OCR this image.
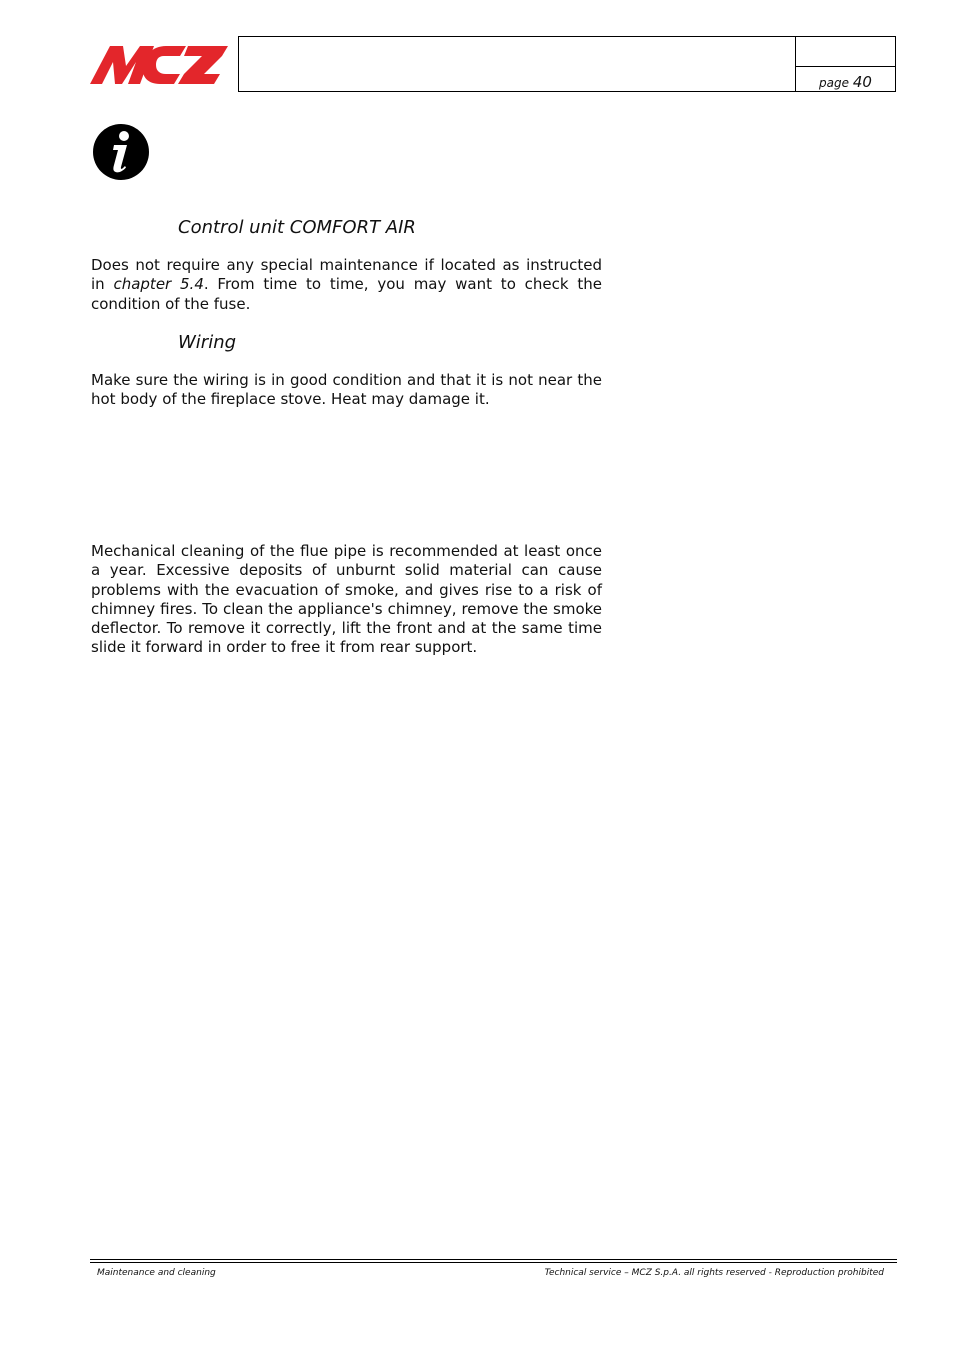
MCZ
page 40
Control unit COMFORT AIR

Does not require any special maintenance if located as instructed in chapter 5.4. From time to time, you may want to check the condition of the fuse.

Wiring

Make sure the wiring is in good condition and that it is not near the hot body of the fireplace stove. Heat may damage it.

Mechanical cleaning of the flue pipe is recommended at least once a year. Excessive deposits of unburnt solid material can cause problems with the evacuation of smoke, and gives rise to a risk of chimney fires. To clean the appliance's chimney, remove the smoke deflector. To remove it correctly, lift the front and at the same time slide it forward in order to free it from rear support.

Maintenance and cleaning	Technical service – MCZ S.p.A. all rights reserved - Reproduction prohibited
